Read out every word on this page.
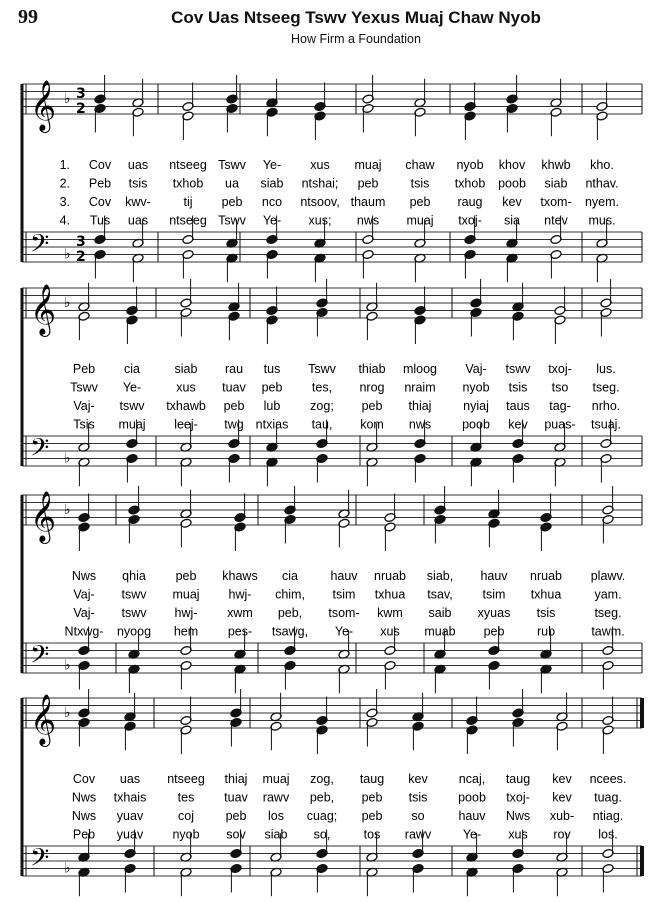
99	Cov Uas Ntseeg Tswv Yexus Muaj Chaw Nyob
How Firm a Foundation
𝄞
𝄢
♭
♭
3
2
3
2
1. Cov uas ntseeg Tswv Ye- xus muaj chaw nyob khov khwb kho.
2. Peb tsis txhob ua siab ntshai; peb	tsis txhob poob siab nthav.
3. Cov kwv-	tij peb nco ntsoov, thaum peb raug kev txom- nyem.
4. Tus uas ntseeg Tswv Ye- xus; nws muaj txoj- sia ntev mus.
𝄞
𝄢
♭
♭
Peb cia	siab rau tus Tswv thiab mloog Vaj- tswv txoj- lus.
Tswv Ye-	xus tuav peb tes, nrog nraim nyob tsis tso tseg.
Vaj- tswv txhawb peb lub zog; peb thiaj	nyiaj taus tag- nrho.
Tsis muaj leej- twg ntxias tau, kom nws poob kev puas- tsuaj.
𝄞
𝄢
♭
♭
Nws qhia peb khaws cia	hauv nruab siab, hauv nruab plawv.
Vaj- tswv muaj hwj- chim, tsim txhua tsav, tsim txhua	yam.
Vaj- tswv hwj- xwm peb, tsom- kwm saib xyuas tsis	tseg.
Ntxwg- nyoog hem pes- tsawg, Ye- xus muab peb	rub	tawm.
𝄞
𝄢
♭
♭
Cov uas ntseeg thiaj muaj zog, taug kev ncaj, taug kev ncees.
Nws txhais	tes tuav rawv peb, peb tsis poob txoj- kev tuag.
Nws yuav	coj	peb los cuag; peb so	hauv Nws xub- ntiag.
Peb yuav nyob sov siab so,	tos rawv	Ye- xus rov los.
